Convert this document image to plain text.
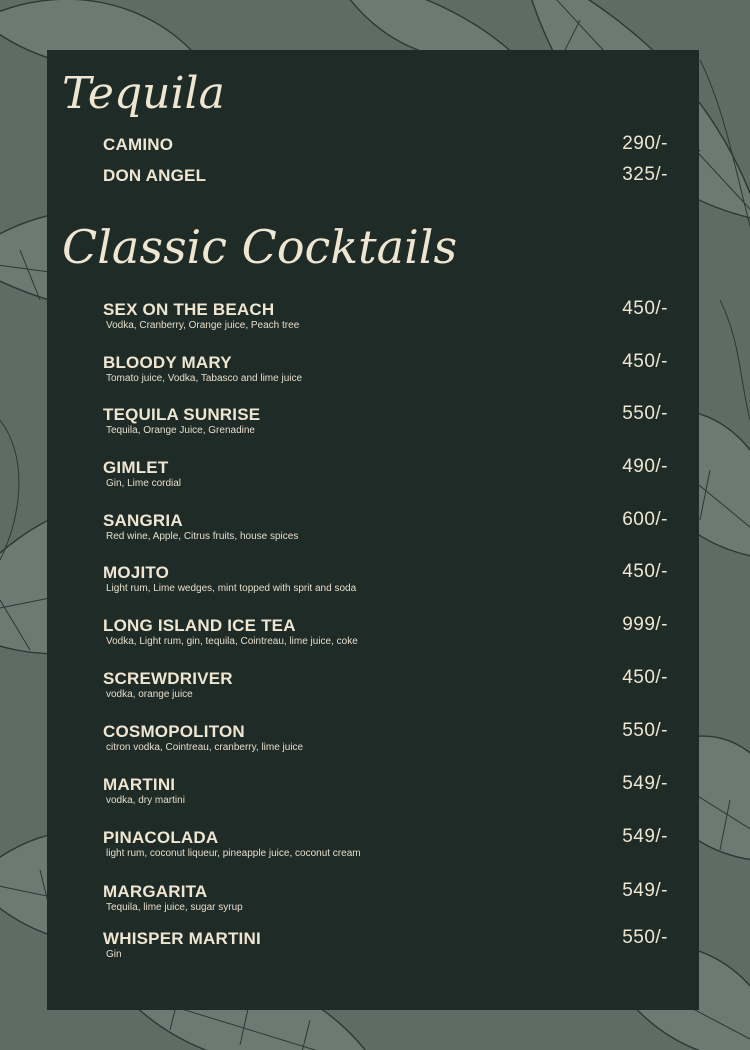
Tequila
CAMINO	290/-
DON ANGEL	325/-
Classic Cocktails
SEX ON THE BEACH
Vodka, Cranberry, Orange juice, Peach tree
450/-
BLOODY MARY
Tomato juice, Vodka, Tabasco and lime juice
450/-
TEQUILA SUNRISE
Tequila, Orange Juice, Grenadine
550/-
GIMLET
Gin, Lime cordial
490/-
SANGRIA
Red wine, Apple, Citrus fruits, house spices
600/-
MOJITO
Light rum, Lime wedges, mint topped with sprit and soda
450/-
LONG ISLAND ICE TEA
Vodka, Light rum, gin, tequila, Cointreau, lime juice, coke
999/-
SCREWDRIVER
vodka, orange juice
450/-
COSMOPOLITON
citron vodka, Cointreau, cranberry, lime juice
550/-
MARTINI
vodka, dry martini
549/-
PINACOLADA
light rum, coconut liqueur, pineapple juice, coconut cream
549/-
MARGARITA
Tequila, lime juice, sugar syrup
549/-
WHISPER MARTINI
Gin
550/-
